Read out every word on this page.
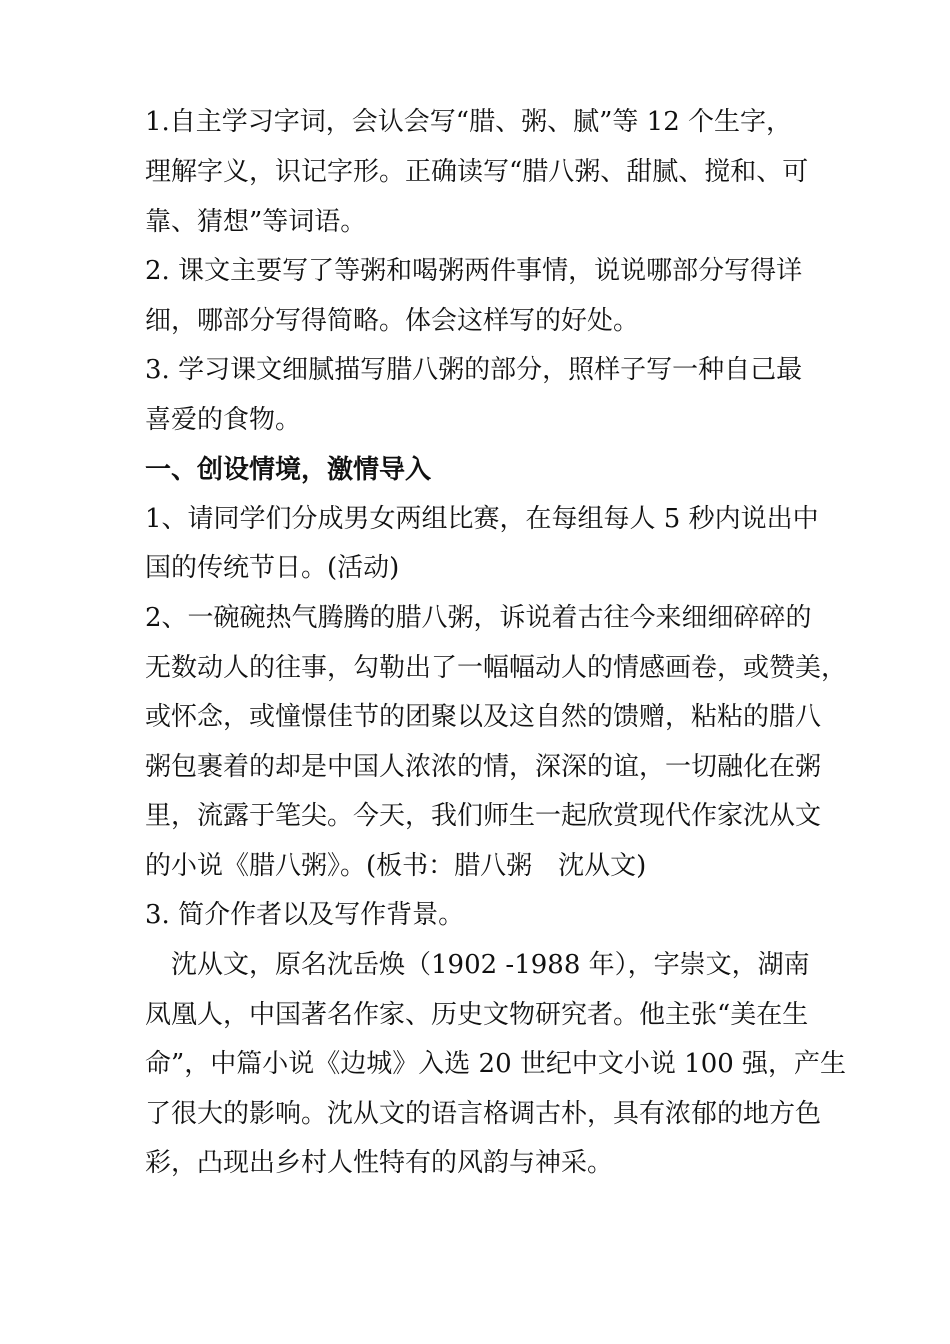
1.自主学习字词，会认会写“腊、粥、腻”等 12 个生字，
理解字义，识记字形。正确读写“腊八粥、甜腻、搅和、可
靠、猜想”等词语。
2. 课文主要写了等粥和喝粥两件事情，说说哪部分写得详
细，哪部分写得简略。体会这样写的好处。
3. 学习课文细腻描写腊八粥的部分，照样子写一种自己最
喜爱的食物。
一、创设情境，激情导入
1、请同学们分成男女两组比赛，在每组每人 5 秒内说出中
国的传统节日。(活动)
2、一碗碗热气腾腾的腊八粥，诉说着古往今来细细碎碎的
无数动人的往事，勾勒出了一幅幅动人的情感画卷，或赞美，
或怀念，或憧憬佳节的团聚以及这自然的馈赠，粘粘的腊八
粥包裹着的却是中国人浓浓的情，深深的谊，一切融化在粥
里，流露于笔尖。今天，我们师生一起欣赏现代作家沈从文
的小说《腊八粥》。(板书：腊八粥　沈从文)
3. 简介作者以及写作背景。
　沈从文，原名沈岳焕（1902 -1988 年），字崇文，湖南
凤凰人，中国著名作家、历史文物研究者。他主张“美在生
命”，中篇小说《边城》入选 20 世纪中文小说 100 强，产生
了很大的影响。沈从文的语言格调古朴，具有浓郁的地方色
彩，凸现出乡村人性特有的风韵与神采。
